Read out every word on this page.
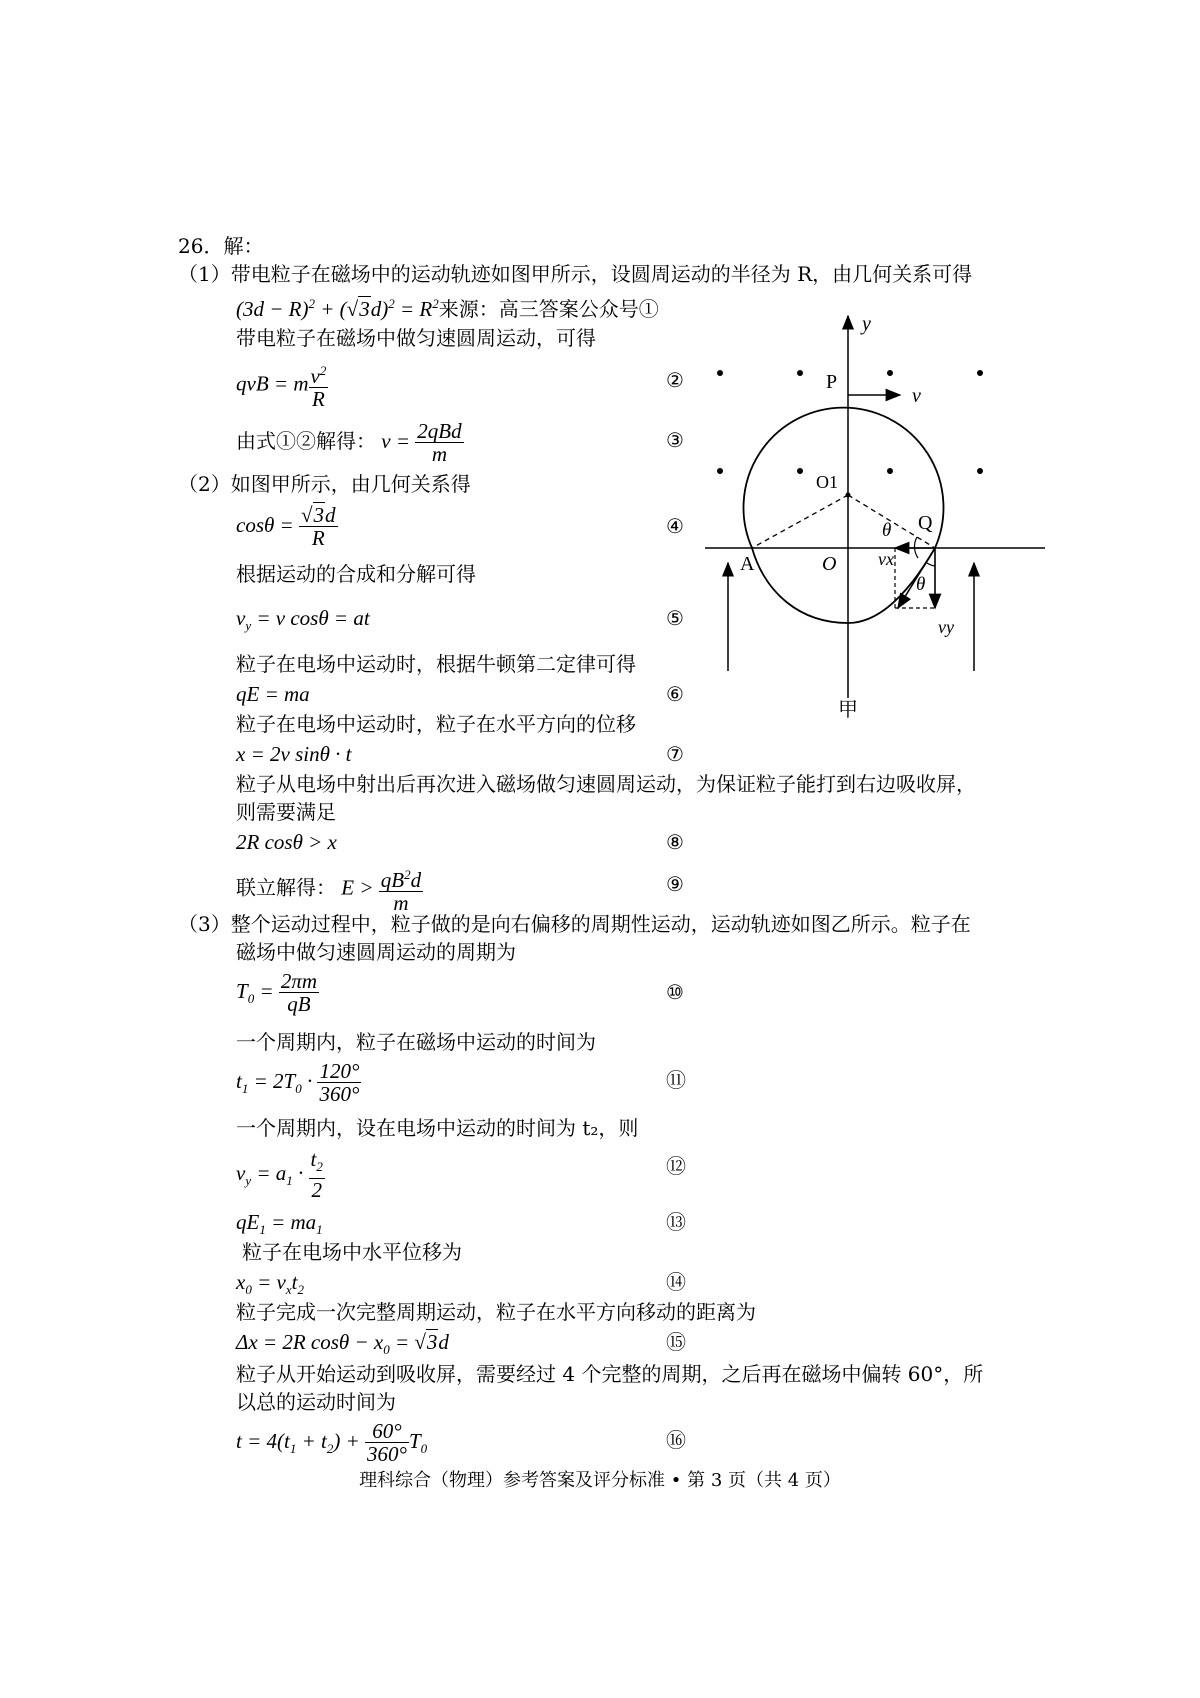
26．解：
（1）带电粒子在磁场中的运动轨迹如图甲所示，设圆周运动的半径为 R，由几何关系可得
$(3d - R)^2 + (√3d)^2 = R^2$来源：高三答案公众号①
带电粒子在磁场中做匀速圆周运动，可得
qvB = m $\frac{v^2}{R}$
由式①②解得： $v = \frac{\text{2qBd}}{m}$
（2）如图甲所示，由几何关系得
$\cos\theta = \frac{√3d}{R}$
根据运动的合成和分解可得
$v_y = v$ cosθ = at
粒子在电场中运动时，根据牛顿第二定律可得
qE = ma
粒子在电场中运动时，粒子在水平方向的位移
x = 2v sinθ · t
粒子从电场中射出后再次进入磁场做匀速圆周运动，为保证粒子能打到右边吸收屏，
则需要满足
2R cosθ > x
联立解得： $E > \frac{qB^2d}{m}$
（3）整个运动过程中，粒子做的是向右偏移的周期性运动，运动轨迹如图乙所示。粒子在
磁场中做匀速圆周运动的周期为
$T_0 = \frac{2\pi m}{qB}$
一个周期内，粒子在磁场中运动的时间为
$t_1 = 2T_0 \cdot \frac{120^\circ}{360^\circ}$
一个周期内，设在电场中运动的时间为 t₂，则
$v_y = a_1 \cdot \frac{t_2}{2}$
$qE_1 = ma_1$
粒子在电场中水平位移为
$x_0 = v_xt_2$
粒子完成一次完整周期运动，粒子在水平方向移动的距离为
Δx = 2R $\cos\theta - x_0 = √3d$
粒子从开始运动到吸收屏，需要经过 4 个完整的周期，之后再在磁场中偏转 60°，所
以总的运动时间为
$t = 4(t_1 + t_2) + \frac{60^\circ}{360^\circ} T_0$
②
③
④
⑤
⑥
⑦
⑧
⑨
⑩
⑪
⑫
⑬
⑭
⑮
⑯
y
P
v
O1
θ Q
A	O vx
θ
vy
甲
理科综合（物理）参考答案及评分标准 • 第 3 页（共 4 页）
